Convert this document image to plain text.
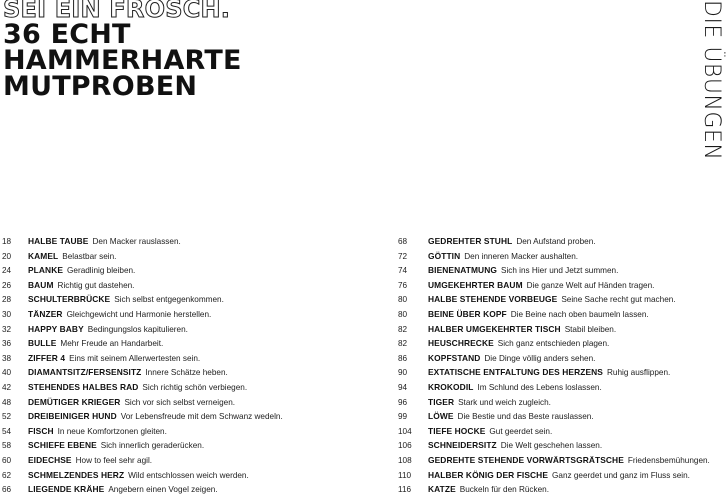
SEI EIN FROSCH.
36 ECHT
HAMMERHARTE
MUTPROBEN	DIE ÜBUNGEN
18	HALBE TAUBE Den Macker rauslassen.
20	KAMEL Belastbar sein.
24	PLANKE Geradlinig bleiben.
26	BAUM Richtig gut dastehen.
28	SCHULTERBRÜCKE Sich selbst entgegenkommen.
30	TÄNZER Gleichgewicht und Harmonie herstellen.
32	HAPPY BABY Bedingungslos kapitulieren.
36	BULLE Mehr Freude an Handarbeit.
38	ZIFFER 4 Eins mit seinem Allerwertesten sein.
40	DIAMANTSITZ/FERSENSITZ Innere Schätze heben.
42	STEHENDES HALBES RAD Sich richtig schön verbiegen.
48	DEMÜTIGER KRIEGER Sich vor sich selbst verneigen.
52	DREIBEINIGER HUND Vor Lebensfreude mit dem Schwanz wedeln.
54	FISCH In neue Komfortzonen gleiten.
58	SCHIEFE EBENE Sich innerlich geraderücken.
60	EIDECHSE How to feel sehr agil.
62	SCHMELZENDES HERZ Wild entschlossen weich werden.
66	LIEGENDE KRÄHE Angebern einen Vogel zeigen.
68	GEDREHTER STUHL Den Aufstand proben.
72	GÖTTIN Den inneren Macker aushalten.
74	BIENENATMUNG Sich ins Hier und Jetzt summen.
76	UMGEKEHRTER BAUM Die ganze Welt auf Händen tragen.
80	HALBE STEHENDE VORBEUGE Seine Sache recht gut machen.
80	BEINE ÜBER KOPF Die Beine nach oben baumeln lassen.
82	HALBER UMGEKEHRTER TISCH Stabil bleiben.
82	HEUSCHRECKE Sich ganz entschieden plagen.
86	KOPFSTAND Die Dinge völlig anders sehen.
90	EXTATISCHE ENTFALTUNG DES HERZENS Ruhig ausflippen.
94	KROKODIL Im Schlund des Lebens loslassen.
96	TIGER Stark und weich zugleich.
99	LÖWE Die Bestie und das Beste rauslassen.
104	TIEFE HOCKE Gut geerdet sein.
106	SCHNEIDERSITZ Die Welt geschehen lassen.
108	GEDREHTE STEHENDE VORWÄRTSGRÄTSCHE Friedensbemühungen.
110	HALBER KÖNIG DER FISCHE Ganz geerdet und ganz im Fluss sein.
116	KATZE Buckeln für den Rücken.
